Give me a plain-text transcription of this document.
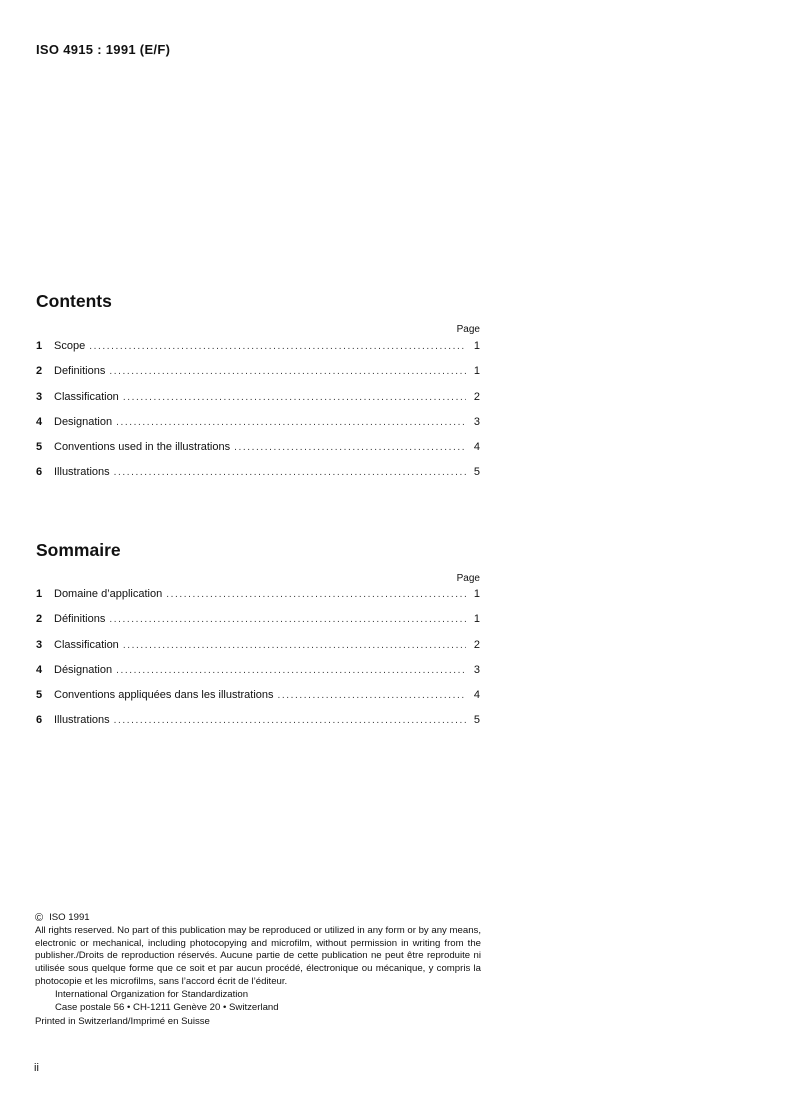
ISO 4915 : 1991 (E/F)
Contents
Page
1	Scope .....	1
2	Definitions .....	1
3	Classification .....	2
4	Designation .....	3
5	Conventions used in the illustrations .....	4
6	Illustrations .....	5
Sommaire
Page
1	Domaine d’application .....	1
2	Définitions .....	1
3	Classification .....	2
4	Désignation .....	3
5	Conventions appliquées dans les illustrations .....	4
6	Illustrations .....	5
© ISO 1991

All rights reserved. No part of this publication may be reproduced or utilized in any form or by any means, electronic or mechanical, including photocopying and microfilm, without permission in writing from the publisher./Droits de reproduction réservés. Aucune partie de cette publication ne peut être reproduite ni utilisée sous quelque forme que ce soit et par aucun procédé, électronique ou mécanique, y compris la photocopie et les microfilms, sans l’accord écrit de l’éditeur.

International Organization for Standardization
Case postale 56 • CH-1211 Genève 20 • Switzerland
Printed in Switzerland/Imprimé en Suisse
ii
